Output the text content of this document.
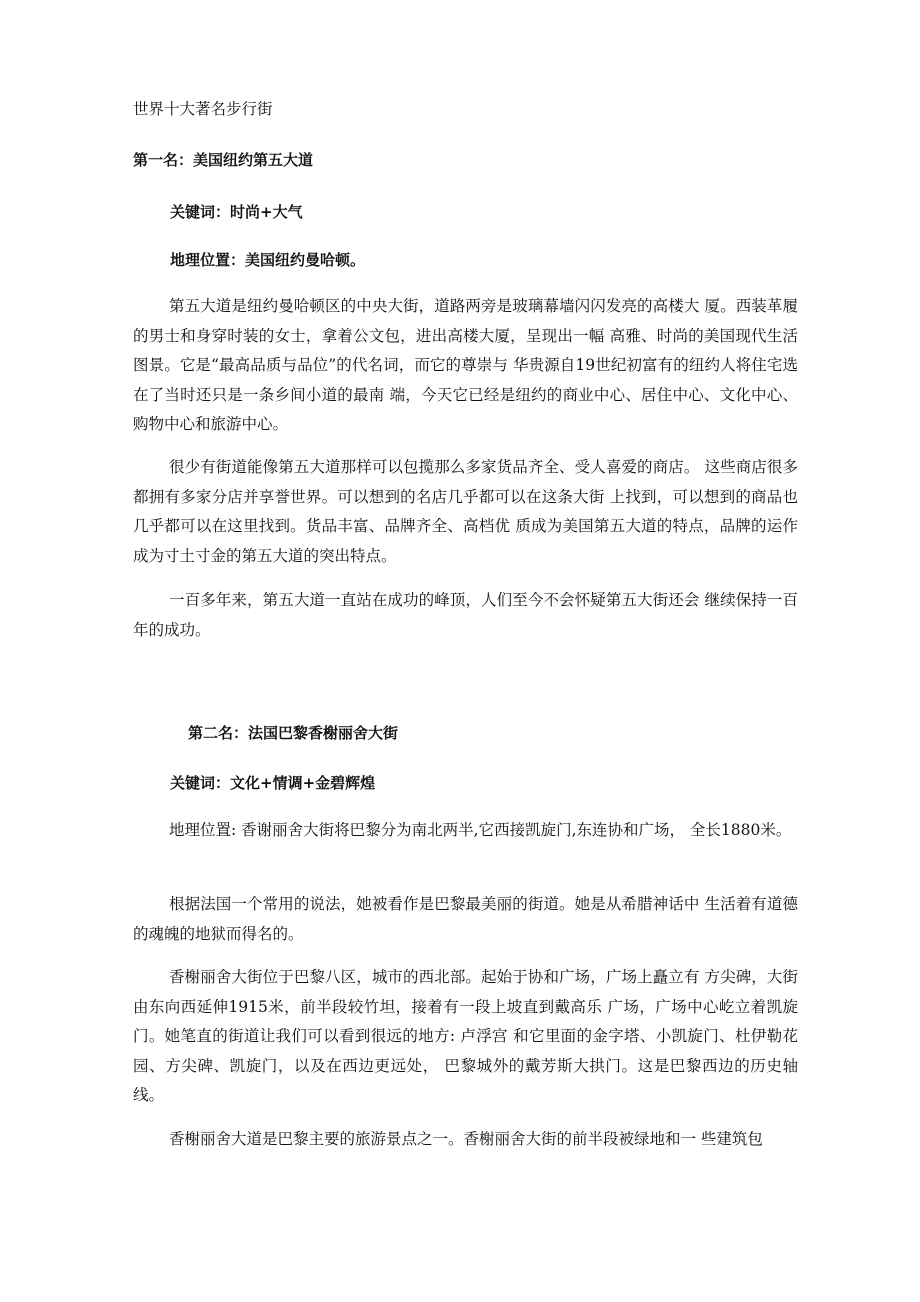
世界十大著名步行街
第一名：美国纽约第五大道
关键词：时尚+大气
地理位置：美国纽约曼哈顿。

第五大道是纽约曼哈顿区的中央大街，道路两旁是玻璃幕墙闪闪发亮的高楼大 厦。西装革履的男士和身穿时装的女士，拿着公文包，进出高楼大厦，呈现出一幅 高雅、时尚的美国现代生活图景。它是“最高品质与品位”的代名词，而它的尊崇与 华贵源自19世纪初富有的纽约人将住宅选在了当时还只是一条乡间小道的最南 端，今天它已经是纽约的商业中心、居住中心、文化中心、购物中心和旅游中心。

很少有街道能像第五大道那样可以包揽那么多家货品齐全、受人喜爱的商店。 这些商店很多都拥有多家分店并享誉世界。可以想到的名店几乎都可以在这条大街 上找到，可以想到的商品也几乎都可以在这里找到。货品丰富、品牌齐全、高档优 质成为美国第五大道的特点，品牌的运作成为寸土寸金的第五大道的突出特点。

一百多年来，第五大道一直站在成功的峰顶，人们至今不会怀疑第五大街还会 继续保持一百年的成功。

第二名：法国巴黎香榭丽舍大街
关键词：文化+情调+金碧辉煌

地理位置: 香谢丽舍大街将巴黎分为南北两半,它西接凯旋门,东连协和广场， 全长1880米。

根据法国一个常用的说法，她被看作是巴黎最美丽的街道。她是从希腊神话中 生活着有道德的魂魄的地狱而得名的。

香榭丽舍大街位于巴黎八区，城市的西北部。起始于协和广场，广场上矗立有 方尖碑，大街由东向西延伸1915米，前半段较竹坦，接着有一段上坡直到戴高乐 广场，广场中心屹立着凯旋门。她笔直的街道让我们可以看到很远的地方: 卢浮宫 和它里面的金字塔、小凯旋门、杜伊勒花园、方尖碑、凯旋门，以及在西边更远处， 巴黎城外的戴芳斯大拱门。这是巴黎西边的历史轴线。

香榭丽舍大道是巴黎主要的旅游景点之一。香榭丽舍大街的前半段被绿地和一 些建筑包
